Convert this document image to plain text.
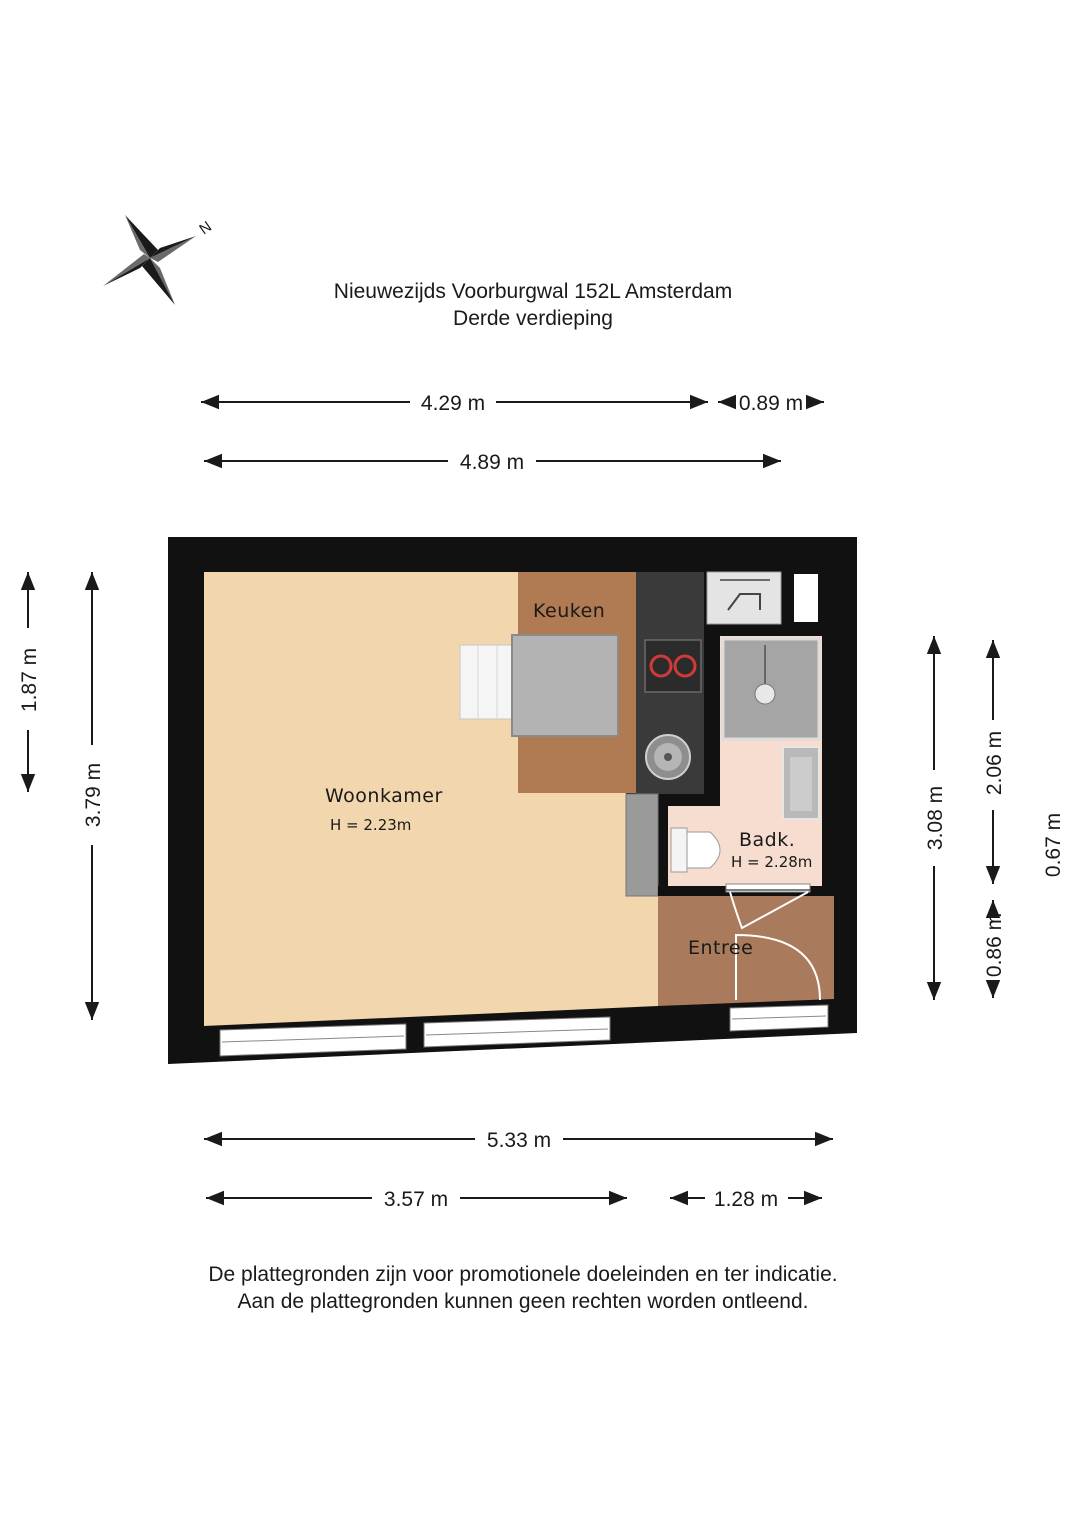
Nieuwezijds Voorburgwal 152L Amsterdam
Derde verdieping
N
4.29 m	0.89 m
4.89 m
1.87 m
3.79 m	3.08 m
2.06 m
0.86 m
0.67 m
Woonkamer
H = 2.23m
Keuken
Badk.
H = 2.28m
Entree
5.33 m
3.57 m	1.28 m
De plattegronden zijn voor promotionele doeleinden en ter indicatie.
Aan de plattegronden kunnen geen rechten worden ontleend.
